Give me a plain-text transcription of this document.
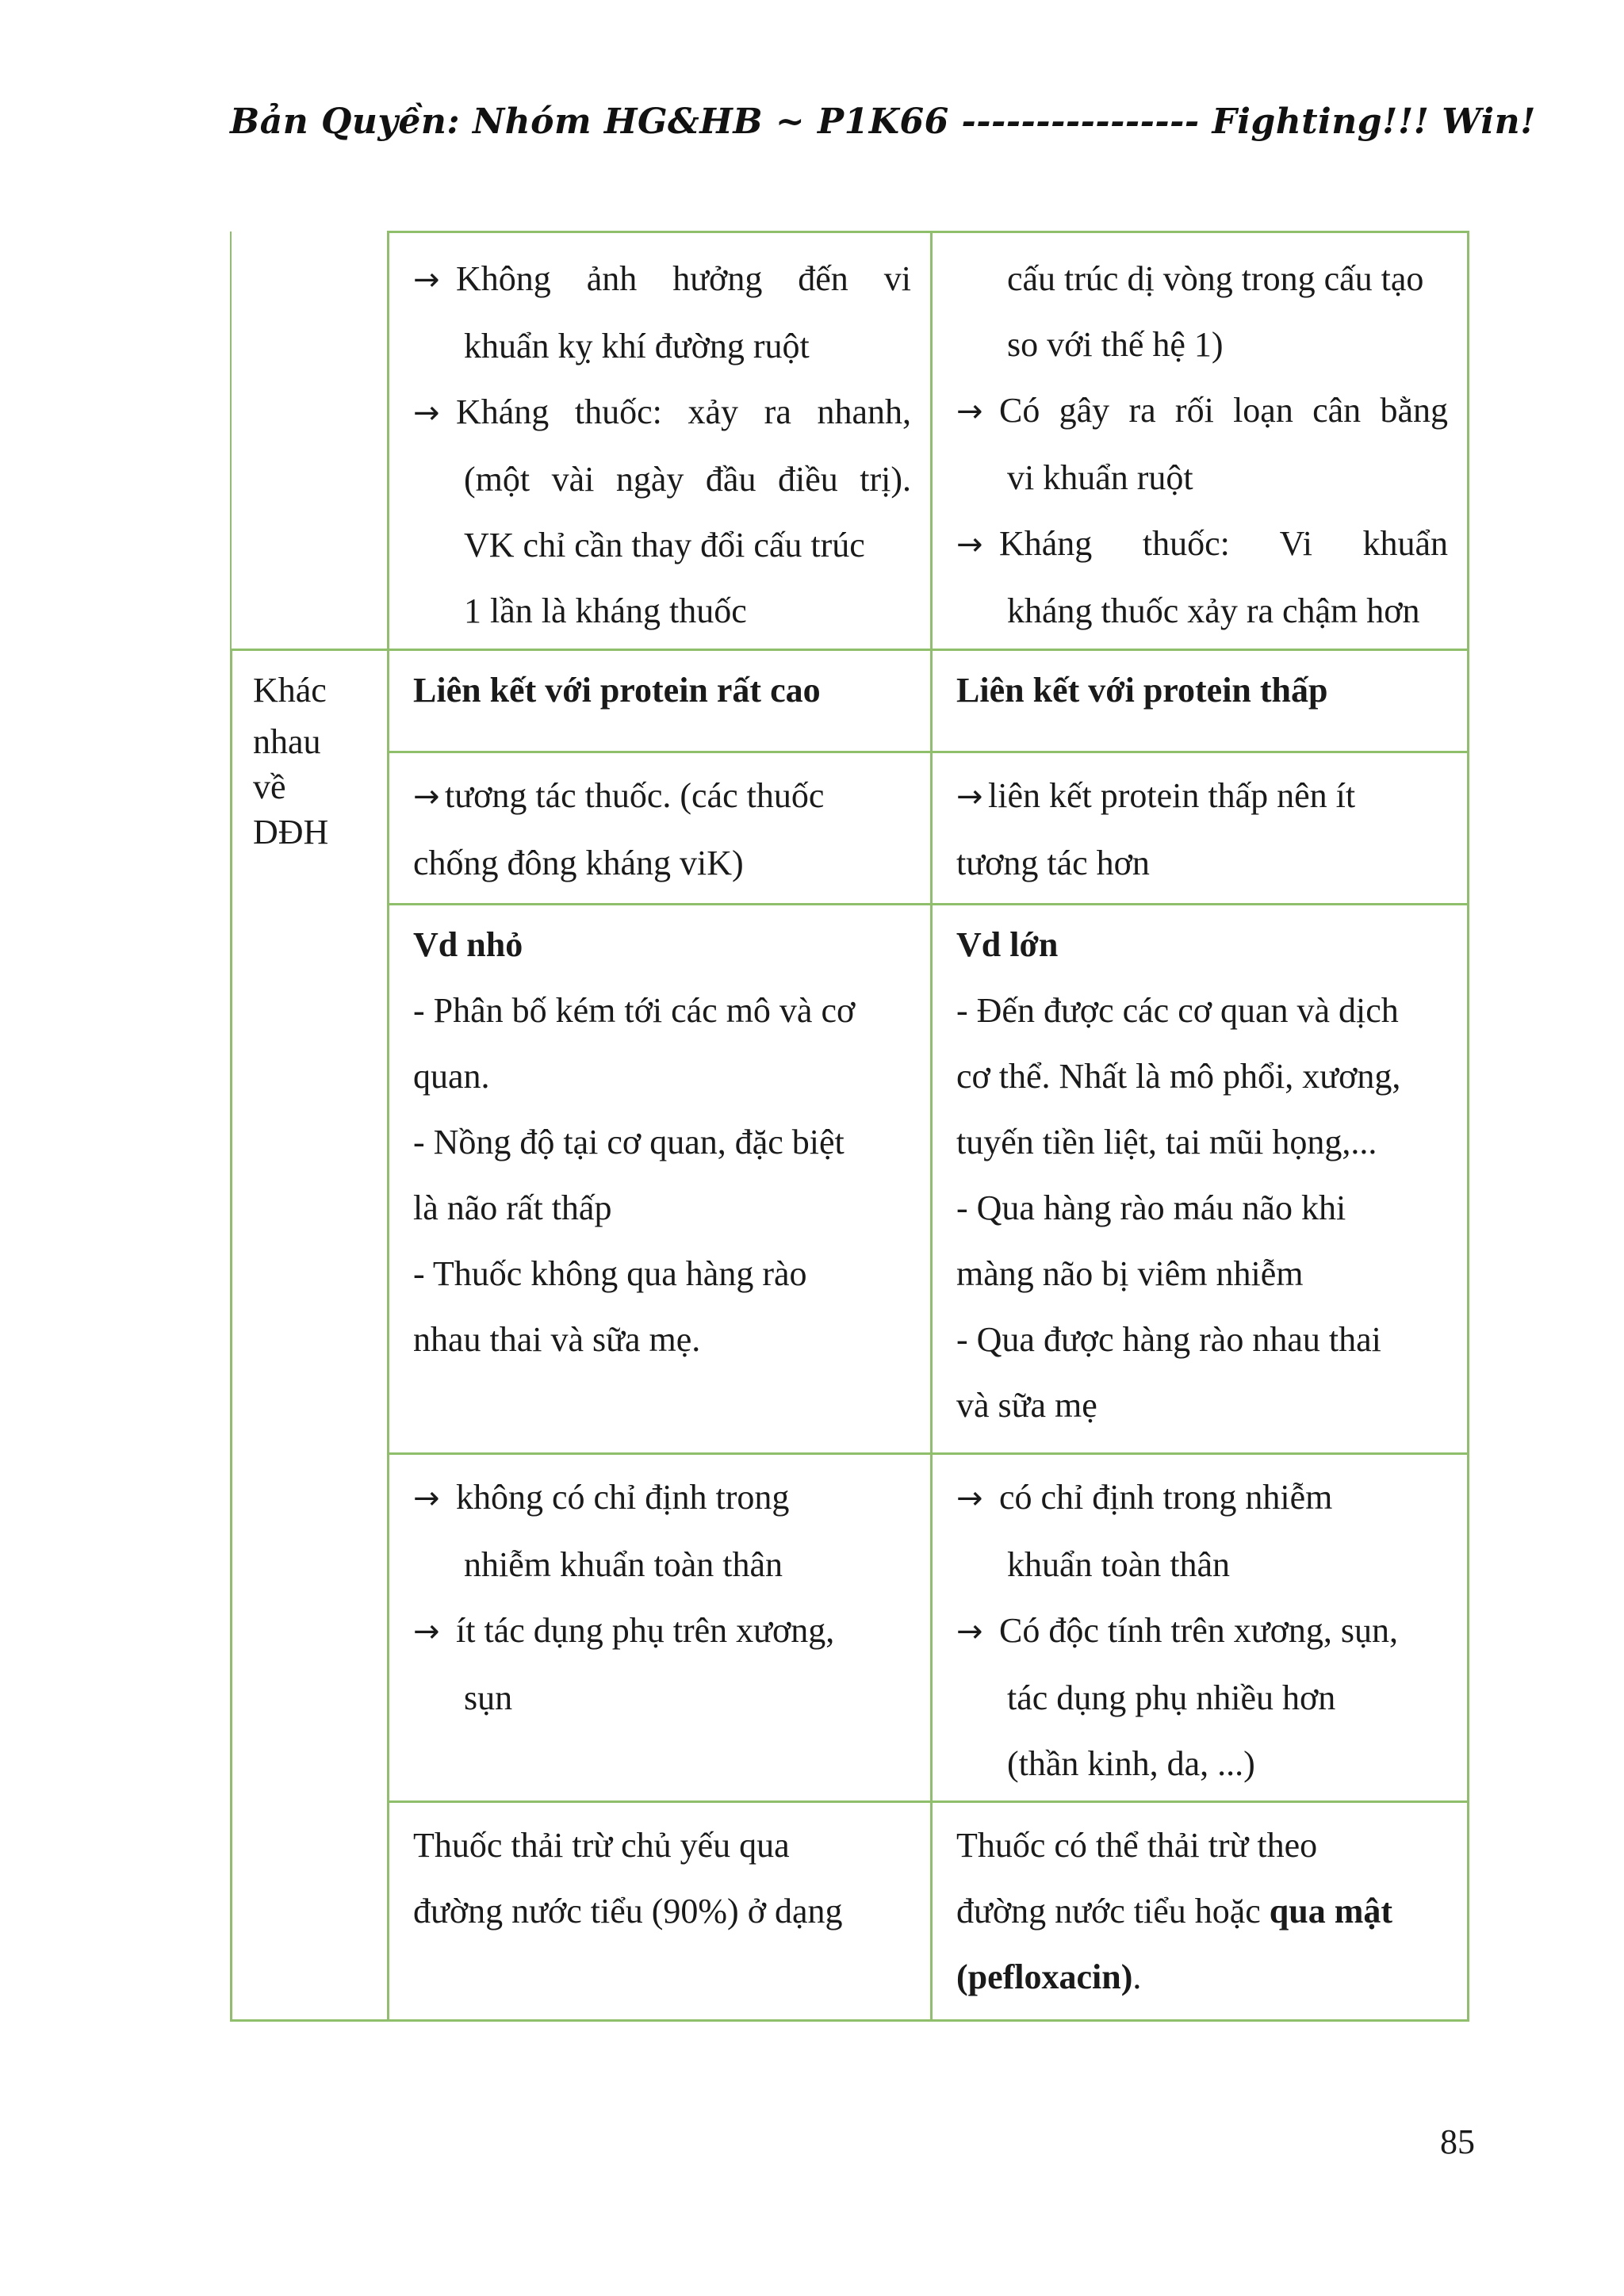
Bản Quyền: Nhóm HG&HB ~ P1K66 ---------------- Fighting!!! Win!

→ Không ảnh hưởng đến vi

khuẩn kỵ khí đường ruột

→ Kháng thuốc: xảy ra nhanh,

(một vài ngày đầu điều trị).

VK chỉ cần thay đổi cấu trúc

1 lần là kháng thuốc

cấu trúc dị vòng trong cấu tạo

so với thế hệ 1)

→ Có gây ra rối loạn cân bằng

vi khuẩn ruột

→ Kháng thuốc: Vi khuẩn

kháng thuốc xảy ra chậm hơn

Khác

nhau

về

DĐH

Liên kết với protein rất cao	Liên kết với protein thấp

→ tương tác thuốc. (các thuốc

chống đông kháng viK)

→ liên kết protein thấp nên ít

tương tác hơn

Vd nhỏ

- Phân bố kém tới các mô và cơ

quan.

- Nồng độ tại cơ quan, đặc biệt

là não rất thấp

- Thuốc không qua hàng rào

nhau thai và sữa mẹ.

Vd lớn

- Đến được các cơ quan và dịch

cơ thể. Nhất là mô phổi, xương,

tuyến tiền liệt, tai mũi họng,...

- Qua hàng rào máu não khi

màng não bị viêm nhiễm

- Qua được hàng rào nhau thai

và sữa mẹ

→ không có chỉ định trong

nhiễm khuẩn toàn thân

→ ít tác dụng phụ trên xương,

sụn

→ có chỉ định trong nhiễm

khuẩn toàn thân

→ Có độc tính trên xương, sụn,

tác dụng phụ nhiều hơn

(thần kinh, da, ...)

Thuốc thải trừ chủ yếu qua

đường nước tiểu (90%) ở dạng

Thuốc có thể thải trừ theo

đường nước tiểu hoặc qua mật

(pefloxacin).

85
